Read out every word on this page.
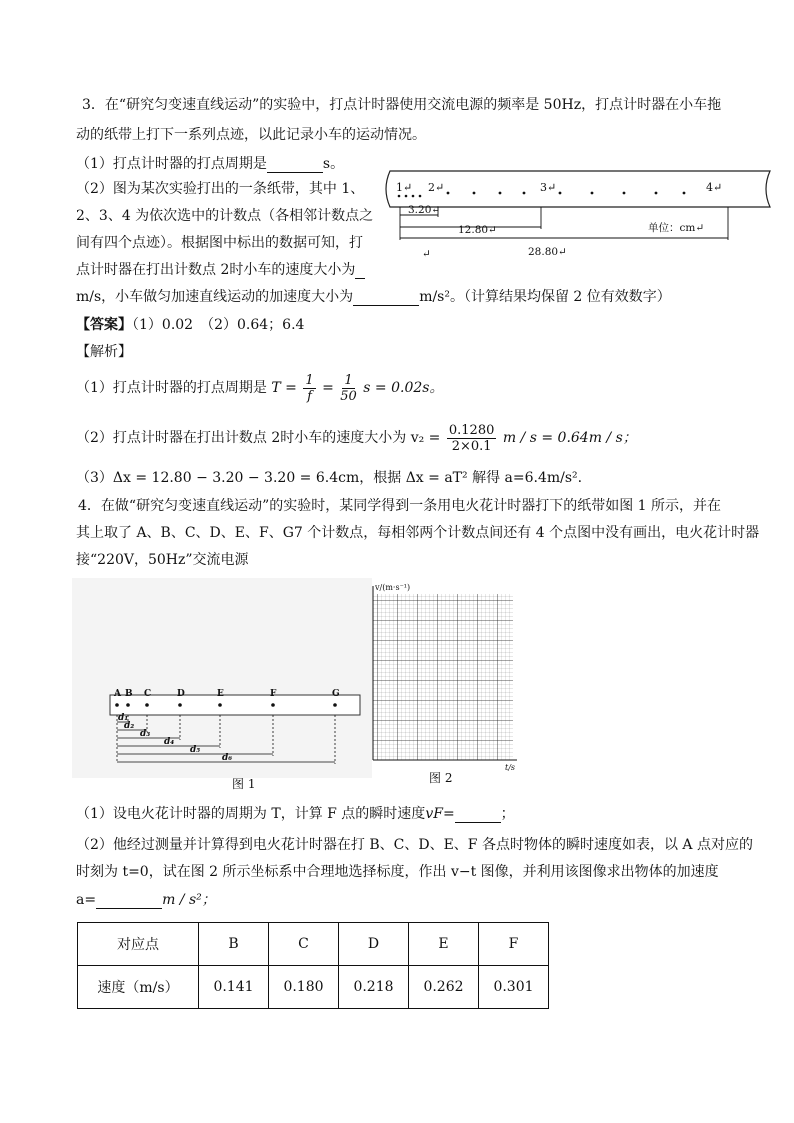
3．在“研究匀变速直线运动”的实验中，打点计时器使用交流电源的频率是 50Hz，打点计时器在小车拖
动的纸带上打下一系列点迹，以此记录小车的运动情况。
（1）打点计时器的打点周期是	s。
（2）图为某次实验打出的一条纸带，其中 1、
2、3、4 为依次选中的计数点（各相邻计数点之
间有四个点迹）。根据图中标出的数据可知，打
点计时器在打出计数点 2时小车的速度大小为
m/s，小车做匀加速直线运动的加速度大小为	m/s²。（计算结果均保留 2 位有效数字）
1↵ 2↵	3↵	4↵
3.20↵
12.80↵
28.80↵
单位：cm↵
↵
【答案】（1）0.02　（2）0.64；6.4
【解析】
（1）打点计时器的打点周期是 $T = \frac{1}{f} = \frac{1}{50}$ s = 0.02s。
（2）打点计时器在打出计数点 2时小车的速度大小为 $v_2 = \frac{0.1280}{2\times 0.1}$ m / s = 0.64m / s；
（3）Δx = 12.80 − 3.20 − 3.20 = 6.4cm，根据 Δx = aT² 解得 a=6.4m/s².
4．在做“研究匀变速直线运动”的实验时，某同学得到一条用电火花计时器打下的纸带如图 1 所示，并在
其上取了 A、B、C、D、E、F、G7 个计数点，每相邻两个计数点间还有 4 个点图中没有画出，电火花计时器
接“220V，50Hz”交流电源
A B C	D	E	F	G
d₁
d₂
d₃
d₄
d₅
d₆
图 1
v/(m·s⁻¹)
t/s
图 2
（1）设电火花计时器的周期为 T，计算 F 点的瞬时速度vF=	；
（2）他经过测量并计算得到电火花计时器在打 B、C、D、E、F 各点时物体的瞬时速度如表，以 A 点对应的
时刻为 t=0，试在图 2 所示坐标系中合理地选择标度，作出 v−t 图像，并利用该图像求出物体的加速度
a=	m / s²；
对应点	B	C	D	E	F
速度（m/s）	0.141	0.180	0.218	0.262	0.301
